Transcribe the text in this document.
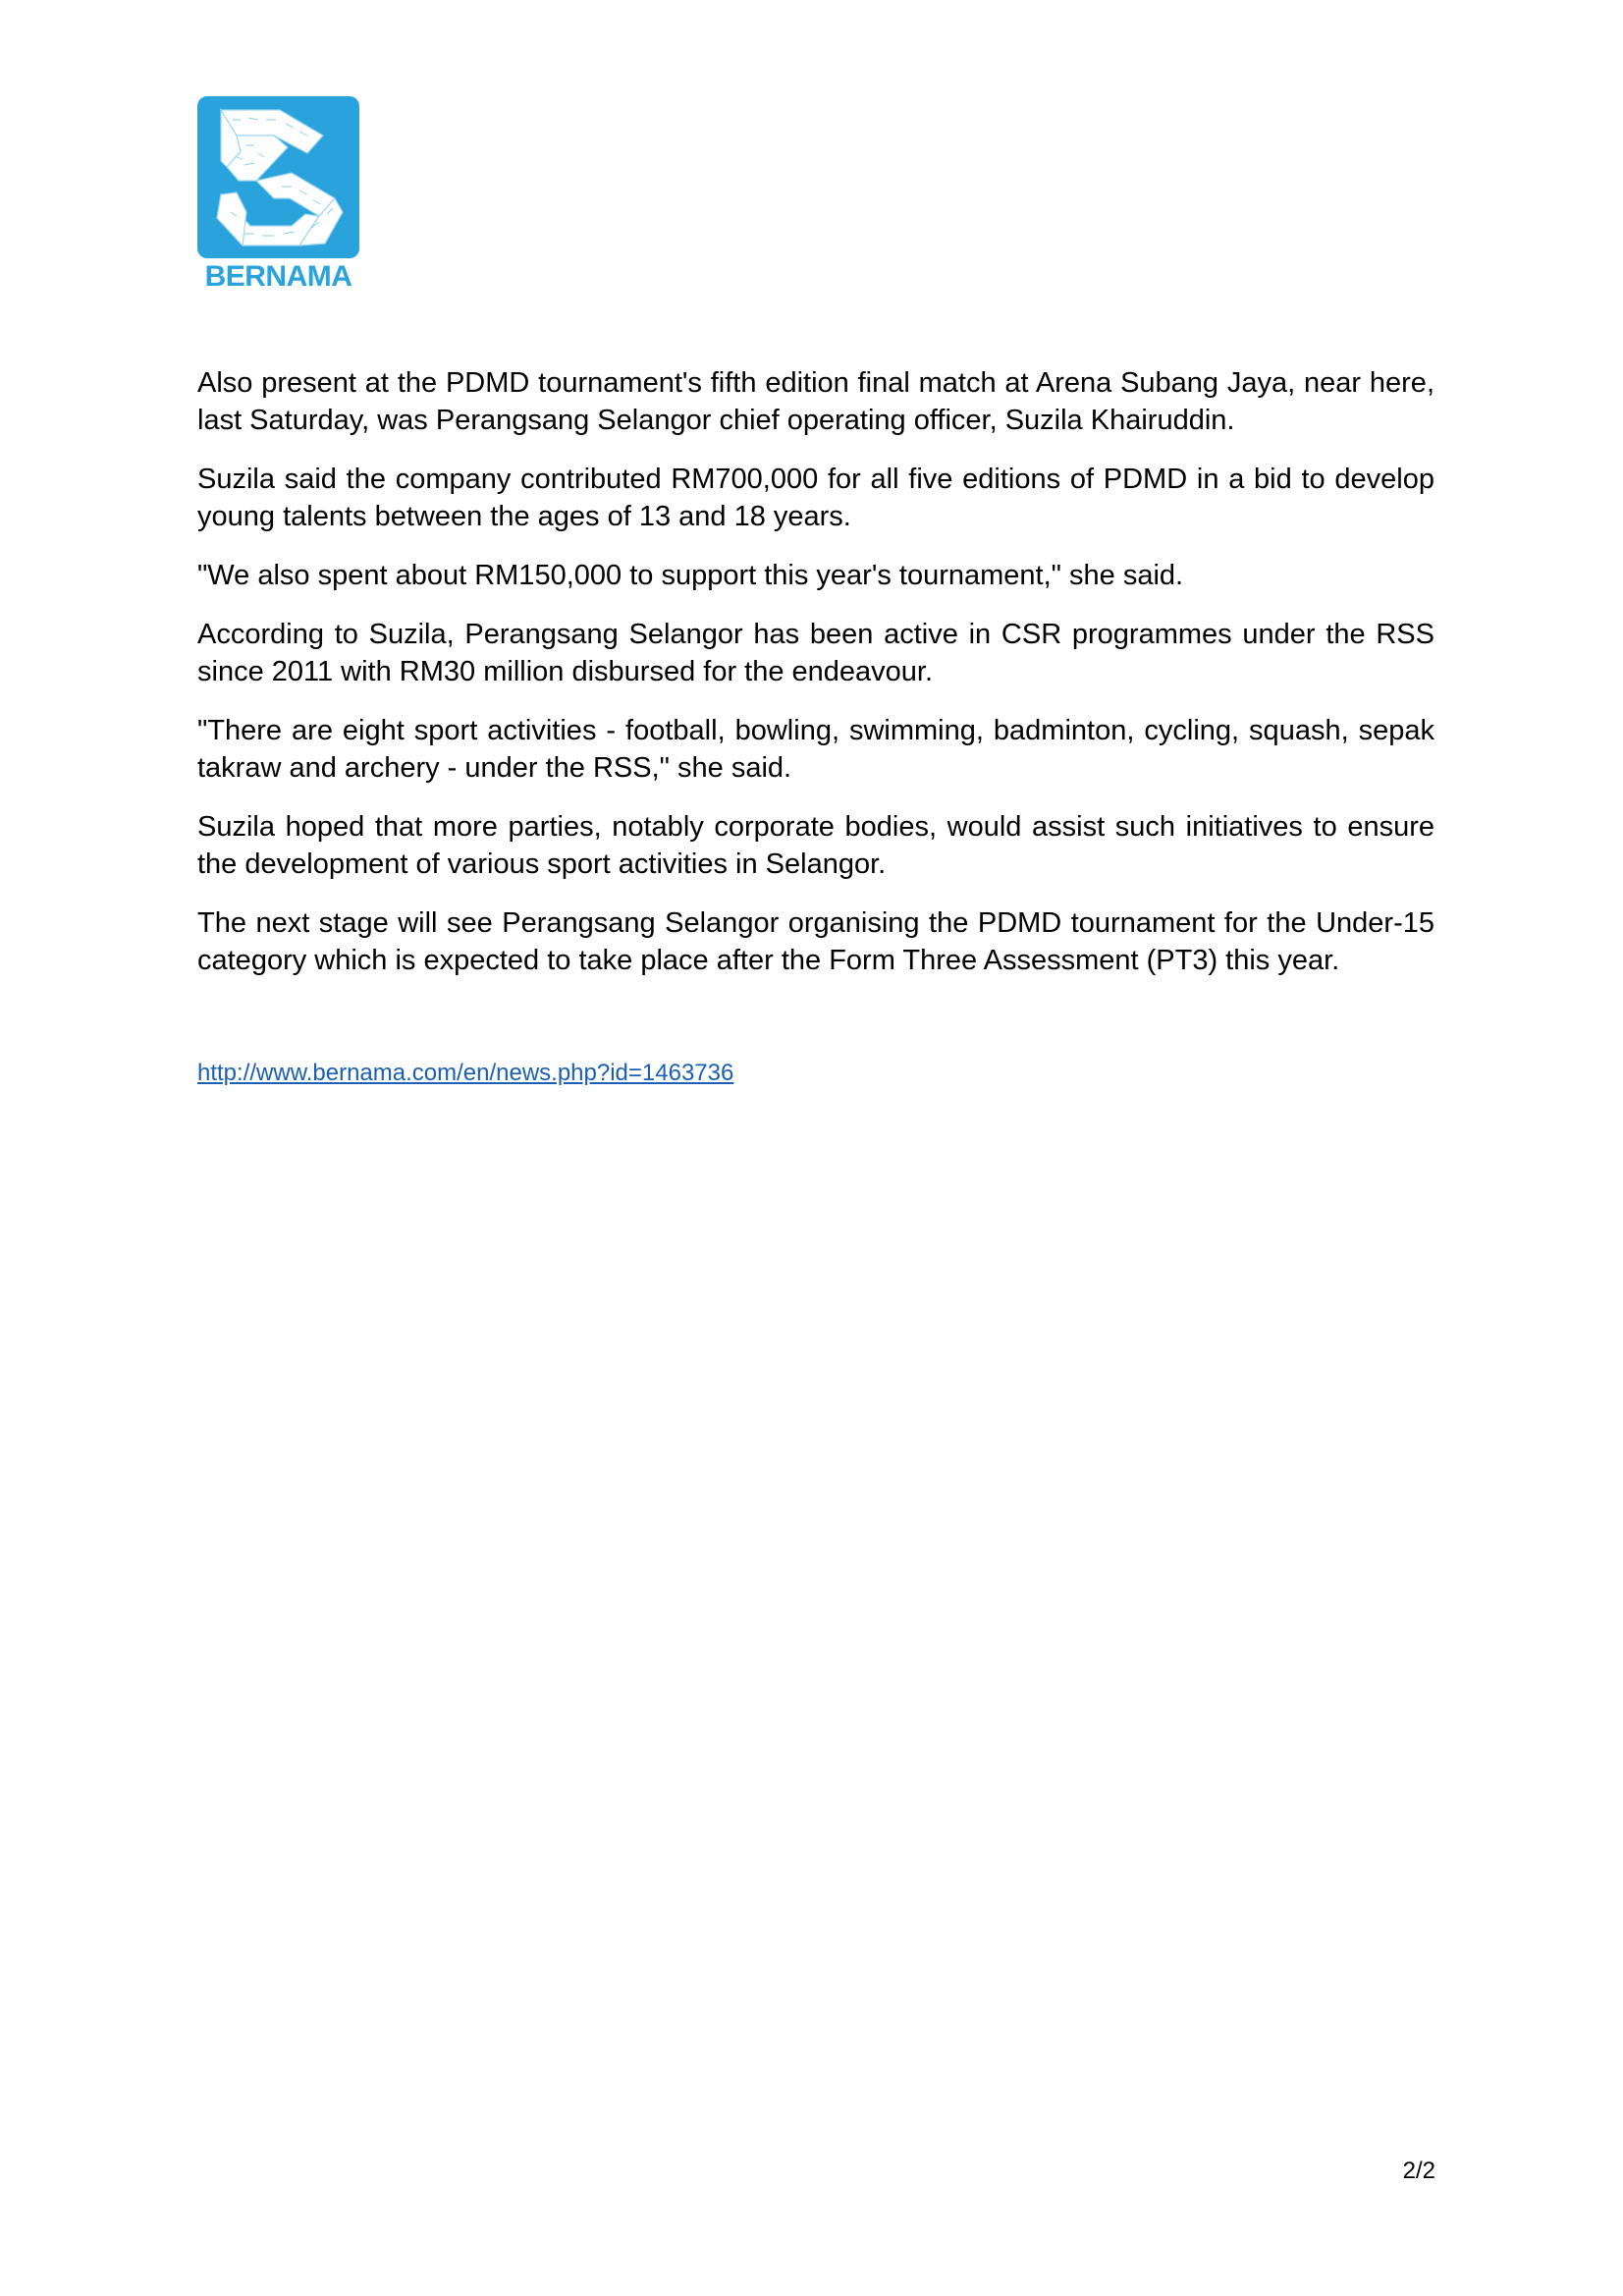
BERNAMA

Also present at the PDMD tournament's fifth edition final match at Arena Subang Jaya, near here, last Saturday, was Perangsang Selangor chief operating officer, Suzila Khairuddin.

Suzila said the company contributed RM700,000 for all five editions of PDMD in a bid to develop young talents between the ages of 13 and 18 years.

"We also spent about RM150,000 to support this year's tournament," she said.

According to Suzila, Perangsang Selangor has been active in CSR programmes under the RSS since 2011 with RM30 million disbursed for the endeavour.

"There are eight sport activities - football, bowling, swimming, badminton, cycling, squash, sepak takraw and archery - under the RSS," she said.

Suzila hoped that more parties, notably corporate bodies, would assist such initiatives to ensure the development of various sport activities in Selangor.

The next stage will see Perangsang Selangor organising the PDMD tournament for the Under-15 category which is expected to take place after the Form Three Assessment (PT3) this year.

http://www.bernama.com/en/news.php?id=1463736
2/2
